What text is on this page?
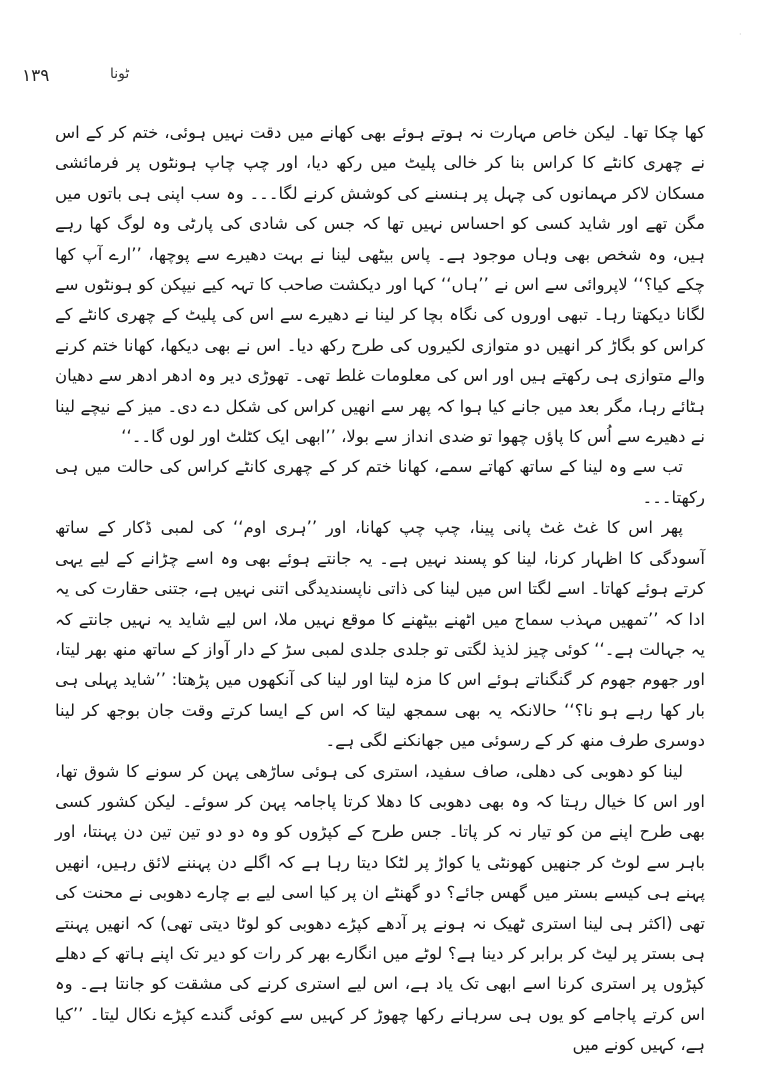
·
۱۳۹	ٹونا

کھا چکا تھا۔ لیکن خاص مہارت نہ ہوتے ہوئے بھی کھانے میں دقت نہیں ہوئی، ختم کر کے اس نے چھری کانٹے کا کراس بنا کر خالی پلیٹ میں رکھ دیا، اور چپ چاپ ہونٹوں پر فرمائشی مسکان لاکر مہمانوں کی چہل پر ہنسنے کی کوشش کرنے لگا۔۔۔ وہ سب اپنی ہی باتوں میں مگن تھے اور شاید کسی کو احساس نہیں تھا کہ جس کی شادی کی پارٹی وہ لوگ کھا رہے ہیں، وہ شخص بھی وہاں موجود ہے۔ پاس بیٹھی لینا نے بہت دھیرے سے پوچھا، ’’ارے آپ کھا چکے کیا؟‘‘ لاپروائی سے اس نے ’’ہاں‘‘ کہا اور دیکشت صاحب کا تہہ کیے نیپکن کو ہونٹوں سے لگانا دیکھتا رہا۔ تبھی اوروں کی نگاہ بچا کر لینا نے دھیرے سے اس کی پلیٹ کے چھری کانٹے کے کراس کو بگاڑ کر انھیں دو متوازی لکیروں کی طرح رکھ دیا۔ اس نے بھی دیکھا، کھانا ختم کرنے والے متوازی ہی رکھتے ہیں اور اس کی معلومات غلط تھی۔ تھوڑی دیر وہ ادھر ادھر سے دھیان ہٹائے رہا، مگر بعد میں جانے کیا ہوا کہ پھر سے انھیں کراس کی شکل دے دی۔ میز کے نیچے لینا نے دھیرے سے اُس کا پاؤں چھوا تو ضدی انداز سے بولا، ’’ابھی ایک کٹلٹ اور لوں گا۔۔‘‘

تب سے وہ لینا کے ساتھ کھاتے سمے، کھانا ختم کر کے چھری کانٹے کراس کی حالت میں ہی رکھتا۔۔۔

پھر اس کا غٹ غٹ پانی پینا، چپ چپ کھانا، اور ’’ہری اوم‘‘ کی لمبی ڈکار کے ساتھ آسودگی کا اظہار کرنا، لینا کو پسند نہیں ہے۔ یہ جانتے ہوئے بھی وہ اسے چڑانے کے لیے یہی کرتے ہوئے کھاتا۔ اسے لگتا اس میں لینا کی ذاتی ناپسندیدگی اتنی نہیں ہے، جتنی حقارت کی یہ ادا کہ ’’تمھیں مہذب سماج میں اٹھنے بیٹھنے کا موقع نہیں ملا، اس لیے شاید یہ نہیں جانتے کہ یہ جہالت ہے۔‘‘ کوئی چیز لذیذ لگتی تو جلدی جلدی لمبی سڑ کے دار آواز کے ساتھ منھ بھر لیتا، اور جھوم جھوم کر گنگناتے ہوئے اس کا مزہ لیتا اور لینا کی آنکھوں میں پڑھتا: ’’شاید پہلی ہی بار کھا رہے ہو نا؟‘‘ حالانکہ یہ بھی سمجھ لیتا کہ اس کے ایسا کرتے وقت جان بوجھ کر لینا دوسری طرف منھ کر کے رسوئی میں جھانکنے لگی ہے۔

لینا کو دھوبی کی دھلی، صاف سفید، استری کی ہوئی ساڑھی پہن کر سونے کا شوق تھا، اور اس کا خیال رہتا کہ وہ بھی دھوبی کا دھلا کرتا پاجامہ پہن کر سوئے۔ لیکن کشور کسی بھی طرح اپنے من کو تیار نہ کر پاتا۔ جس طرح کے کپڑوں کو وہ دو دو تین تین دن پہنتا، اور باہر سے لوٹ کر جنھیں کھونٹی یا کواڑ پر لٹکا دیتا رہا ہے کہ اگلے دن پہننے لائق رہیں، انھیں پہنے ہی کیسے بستر میں گھس جائے؟ دو گھنٹے ان پر کیا اسی لیے بے چارے دھوبی نے محنت کی تھی (اکثر ہی لینا استری ٹھیک نہ ہونے پر آدھے کپڑے دھوبی کو لوٹا دیتی تھی) کہ انھیں پہنتے ہی بستر پر لیٹ کر برابر کر دینا ہے؟ لوٹے میں انگارے بھر کر رات کو دیر تک اپنے ہاتھ کے دھلے کپڑوں پر استری کرنا اسے ابھی تک یاد ہے، اس لیے استری کرنے کی مشقت کو جانتا ہے۔ وہ اس کرتے پاجامے کو یوں ہی سرہانے رکھا چھوڑ کر کہیں سے کوئی گندے کپڑے نکال لیتا۔ ’’کیا ہے، کہیں کونے میں
